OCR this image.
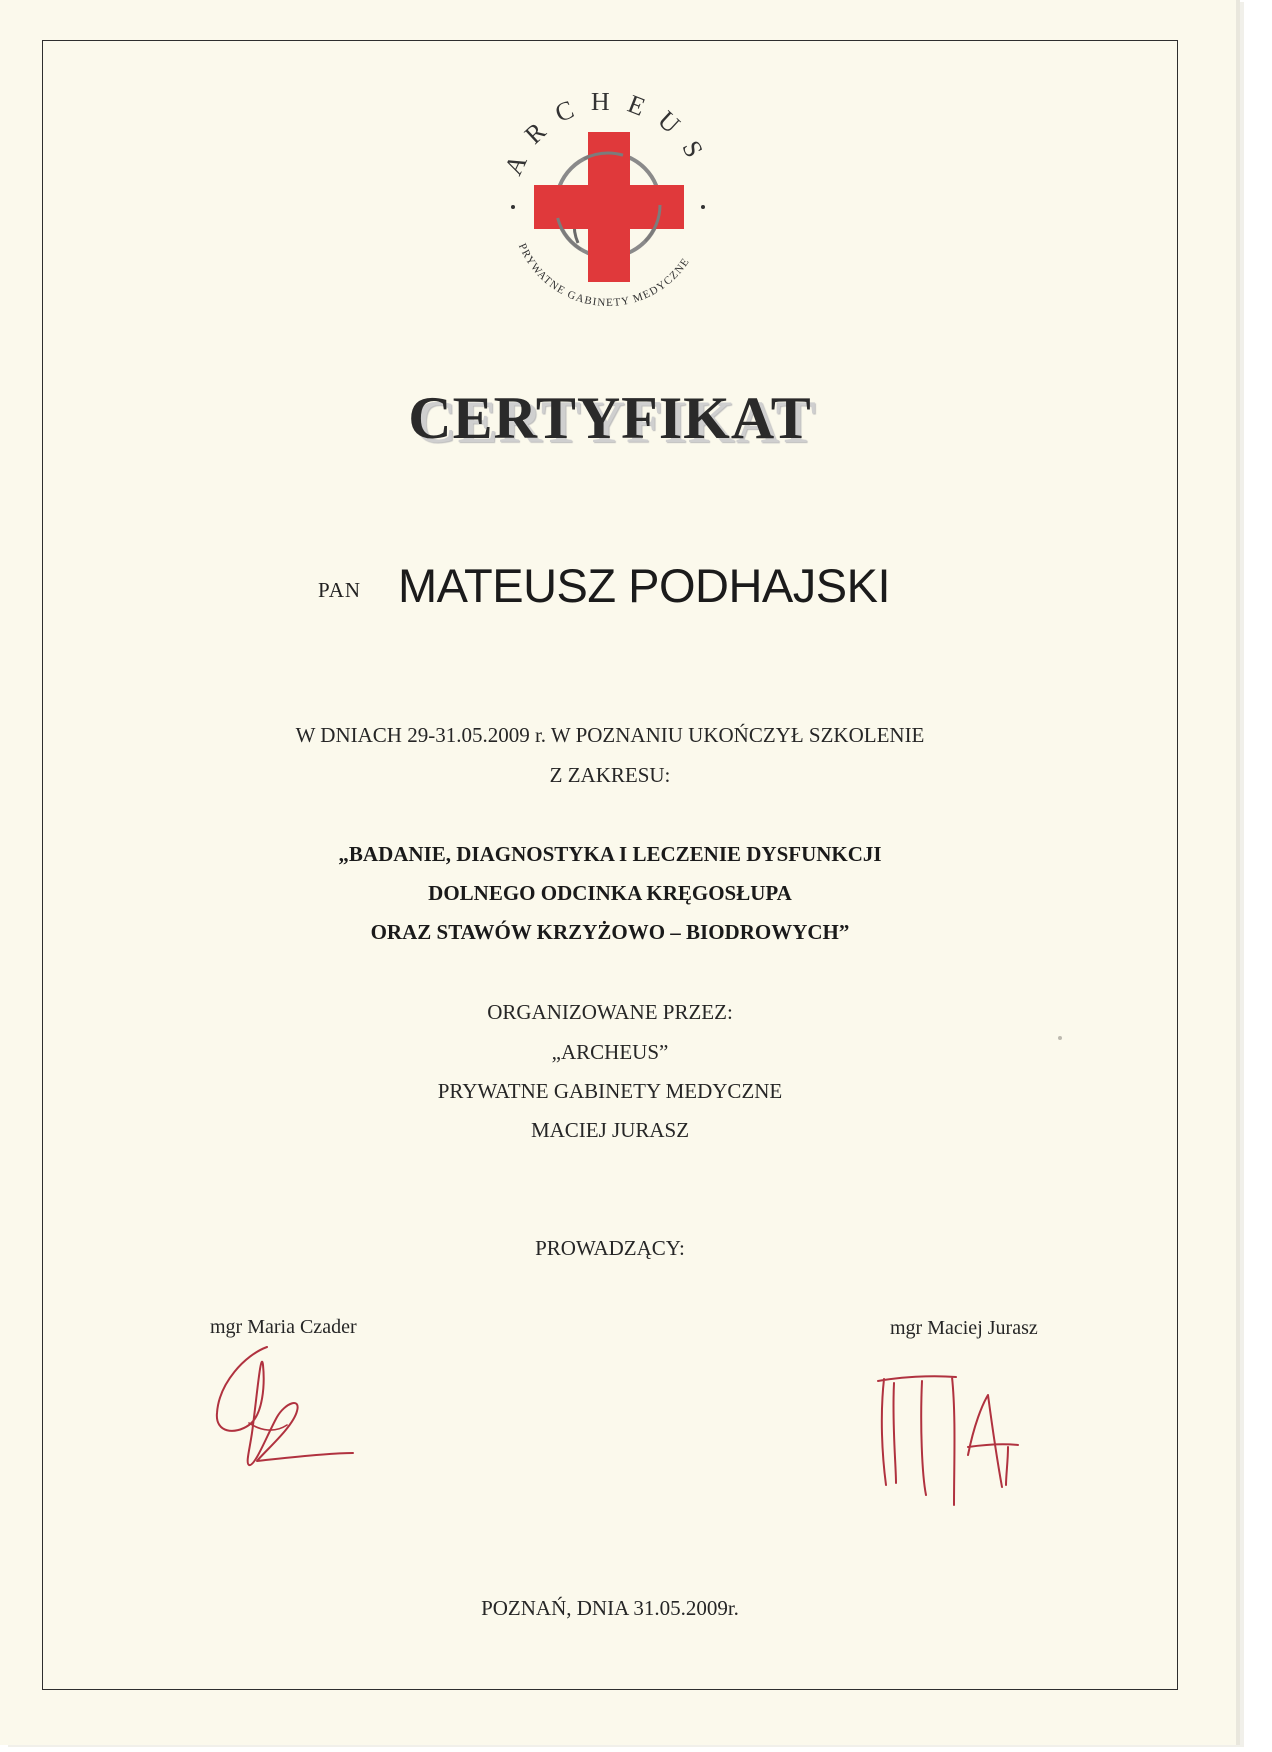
ARCHEUS
PRYWATNE GABINETY MEDYCZNE
CERTYFIKAT
PAN MATEUSZ PODHAJSKI
W DNIACH 29-31.05.2009 r. W POZNANIU UKOŃCZYŁ SZKOLENIE
Z ZAKRESU:
„BADANIE, DIAGNOSTYKA I LECZENIE DYSFUNKCJI
DOLNEGO ODCINKA KRĘGOSŁUPA
ORAZ STAWÓW KRZYŻOWO – BIODROWYCH”
ORGANIZOWANE PRZEZ:
„ARCHEUS”
PRYWATNE GABINETY MEDYCZNE
MACIEJ JURASZ
PROWADZĄCY:
mgr Maria Czader	mgr Maciej Jurasz
POZNAŃ, DNIA 31.05.2009r.
